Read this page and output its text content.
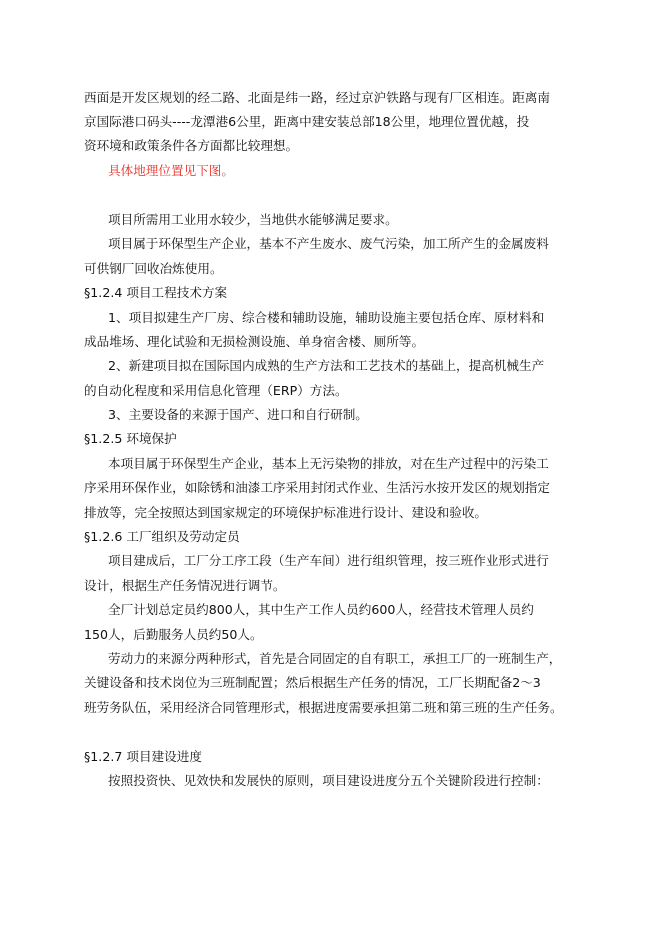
西面是开发区规划的经二路、北面是纬一路，经过京沪铁路与现有厂区相连。距离南
京国际港口码头----龙潭港6公里，距离中建安装总部18公里，地理位置优越，投
资环境和政策条件各方面都比较理想。
具体地理位置见下图。
项目所需用工业用水较少，当地供水能够满足要求。
项目属于环保型生产企业，基本不产生废水、废气污染，加工所产生的金属废料
可供钢厂回收冶炼使用。
§1.2.4 项目工程技术方案
1、项目拟建生产厂房、综合楼和辅助设施，辅助设施主要包括仓库、原材料和
成品堆场、理化试验和无损检测设施、单身宿舍楼、厕所等。
2、新建项目拟在国际国内成熟的生产方法和工艺技术的基础上，提高机械生产
的自动化程度和采用信息化管理（ERP）方法。
3、主要设备的来源于国产、进口和自行研制。
§1.2.5 环境保护
本项目属于环保型生产企业，基本上无污染物的排放，对在生产过程中的污染工
序采用环保作业，如除锈和油漆工序采用封闭式作业、生活污水按开发区的规划指定
排放等，完全按照达到国家规定的环境保护标准进行设计、建设和验收。
§1.2.6 工厂组织及劳动定员
项目建成后，工厂分工序工段（生产车间）进行组织管理，按三班作业形式进行
设计，根据生产任务情况进行调节。
全厂计划总定员约800人，其中生产工作人员约600人，经营技术管理人员约
150人，后勤服务人员约50人。
劳动力的来源分两种形式，首先是合同固定的自有职工，承担工厂的一班制生产，
关键设备和技术岗位为三班制配置；然后根据生产任务的情况，工厂长期配备2～3
班劳务队伍，采用经济合同管理形式，根据进度需要承担第二班和第三班的生产任务。
§1.2.7 项目建设进度
按照投资快、见效快和发展快的原则，项目建设进度分五个关键阶段进行控制：
